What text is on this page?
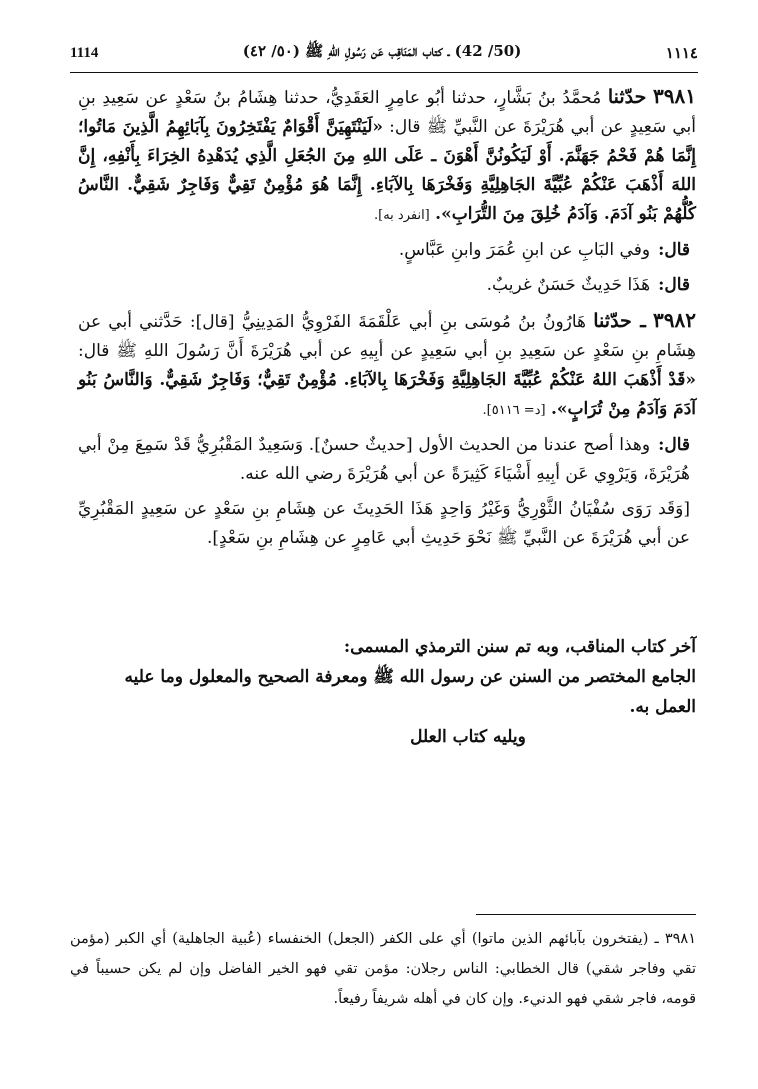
1114	(50/ 42) ـ كتاب المَنَاقِب عَن رَسُولِ اللهِ ﷺ (٥٠/ ٤٢)	١١١٤

٣٩٨١ حدّثنا مُحمَّدُ بنُ بَشَّارٍ، حدثنا أبُو عامِرٍ العَقَدِيُّ، حدثنا هِشَامُ بنُ سَعْدٍ عن سَعِيدِ بنِ أبي سَعِيدٍ عن أبي هُرَيْرَةَ عن النَّبيِّ ﷺ قال: «لَيَنْتَهِيَنَّ أَقْوَامٌ يَفْتَخِرُونَ بِآبَائِهِمُ الَّذِينَ مَاتُوا؛ إِنَّمَا هُمْ فَحْمُ جَهَنَّمَ. أَوْ لَيَكُونُنَّ أَهْوَنَ ـ عَلَى اللهِ مِنَ الجُعَلِ الَّذِي يُدَهْدِهُ الخِرَاءَ بِأَنْفِهِ، إِنَّ اللهَ أَذْهَبَ عَنْكُمْ عُبِّيَّةَ الجَاهِلِيَّةِ وَفَخْرَهَا بِالآبَاءِ. إِنَّمَا هُوَ مُؤْمِنٌ تَقِيٌّ وَفَاجِرٌ شَقِيٌّ. النَّاسُ كُلُّهُمْ بَنُو آدَمَ. وَآدَمُ خُلِقَ مِنَ التُّرَابِ». [انفرد به].

قال:وفي البَابِ عن ابنِ عُمَرَ وابنِ عَبَّاسٍ.

قال:هَذَا حَدِيثٌ حَسَنٌ غريبٌ.

٣٩٨٢ ـ حدّثنا هَارُونُ بنُ مُوسَى بنِ أبي عَلْقَمَةَ الفَرْوِيُّ المَدِينِيُّ [قال]: حَدَّثني أبي عن هِشَامِ بنِ سَعْدٍ عن سَعِيدِ بنِ أبي سَعِيدٍ عن أبِيهِ عن أبي هُرَيْرَةَ أَنَّ رَسُولَ اللهِ ﷺ قال: «قَدْ أَذْهَبَ اللهُ عَنْكُمْ عُبِّيَّةَ الجَاهِلِيَّةِ وَفَخْرَهَا بِالآبَاءِ. مُؤْمِنٌ تَقِيٌّ؛ وَفَاجِرٌ شَقِيٌّ. وَالنَّاسُ بَنُو آدَمَ وَآدَمُ مِنْ تُرَابٍ». [د= ٥١١٦].

قال:وهذا أصح عندنا من الحديث الأول [حديثٌ حسنٌ]. وَسَعِيدٌ المَقْبُرِيُّ قَدْ سَمِعَ مِنْ أبي هُرَيْرَةَ، وَيَرْوِي عَن أبِيهِ أَشْيَاءَ كَثِيرَةً عن أبي هُرَيْرَةَ رضي الله عنه.

[وَقَد رَوَى سُفْيَانُ الثَّوْرِيُّ وَغَيْرُ وَاحِدٍ هَذَا الحَدِيثَ عن هِشَامِ بنِ سَعْدٍ عن سَعِيدٍ المَقْبُرِيِّ عن أبي هُرَيْرَةَ عن النَّبيِّ ﷺ نَحْوَ حَدِيثِ أبي عَامِرٍ عن هِشَامِ بنِ سَعْدٍ].

آخر كتاب المناقب، وبه تم سنن الترمذي المسمى:
الجامع المختصر من السنن عن رسول الله ﷺ ومعرفة الصحيح والمعلول وما عليه العمل به.
ويليه كتاب العلل
٣٩٨١ ـ (يفتخرون بآبائهم الذين ماتوا) أي على الكفر (الجعل) الخنفساء (عُبية الجاهلية) أي الكبر (مؤمن تقي وفاجر شقي) قال الخطابي: الناس رجلان: مؤمن تقي فهو الخير الفاضل وإن لم يكن حسيباً في قومه، فاجر شقي فهو الدنيء. وإن كان في أهله شريفاً رفيعاً.
